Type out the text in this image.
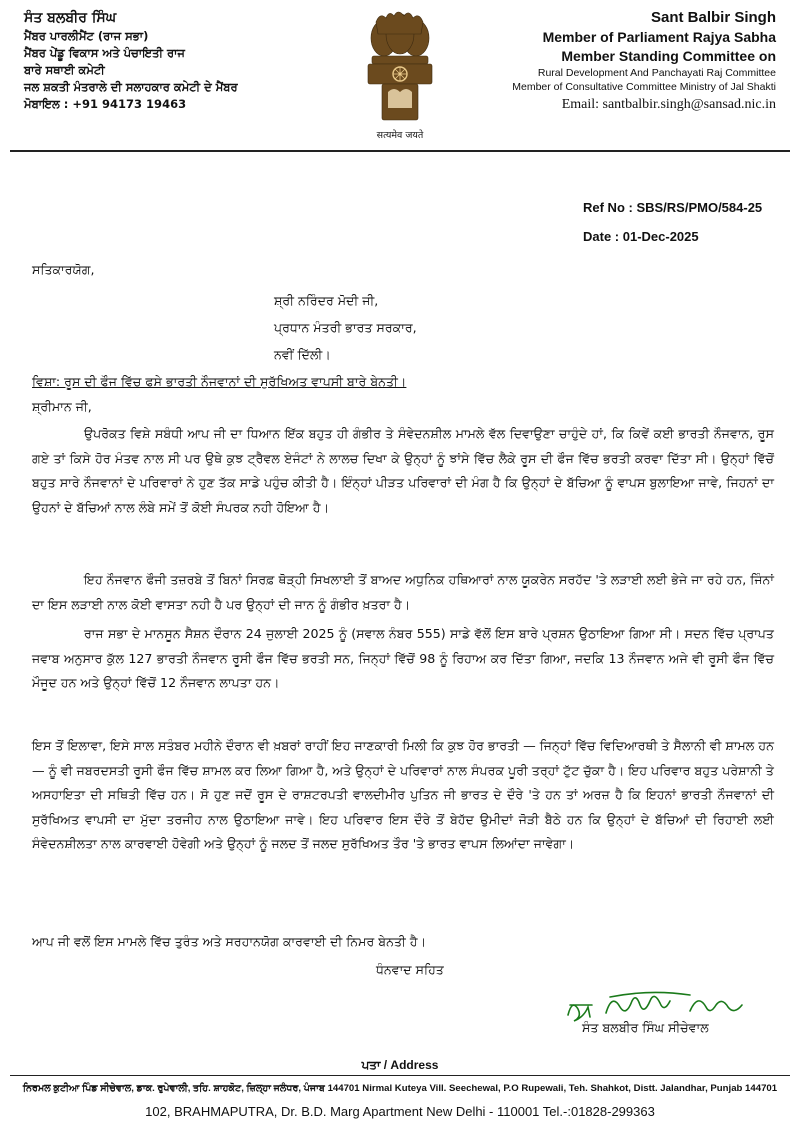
ਸੰਤ ਬਲਬੀਰ ਸਿੰਘ
ਮੈਂਬਰ ਪਾਰਲੀਮੈਂਟ (ਰਾਜ ਸਭਾ)
ਮੈਂਬਰ ਪੇਂਡੂ ਵਿਕਾਸ ਅਤੇ ਪੰਚਾਇਤੀ ਰਾਜ
ਬਾਰੇ ਸਥਾਈ ਕਮੇਟੀ
ਜਲ ਸ਼ਕਤੀ ਮੰਤਰਾਲੇ ਦੀ ਸਲਾਹਕਾਰ ਕਮੇਟੀ ਦੇ ਮੈਂਬਰ
ਮੋਬਾਇਲ : +91 94173 19463
सत्यमेव जयते
Sant Balbir Singh
Member of Parliament Rajya Sabha
Member Standing Committee on
Rural Development And Panchayati Raj Committee
Member of Consultative Committee Ministry of Jal Shakti
Email: santbalbir.singh@sansad.nic.in
Ref No : SBS/RS/PMO/584-25
Date : 01-Dec-2025
ਸਤਿਕਾਰਯੋਗ,
ਸ਼੍ਰੀ ਨਰਿੰਦਰ ਮੋਦੀ ਜੀ,
ਪ੍ਰਧਾਨ ਮੰਤਰੀ ਭਾਰਤ ਸਰਕਾਰ,
ਨਵੀਂ ਦਿੱਲੀ।
ਵਿਸ਼ਾ: ਰੂਸ ਦੀ ਫੌਜ ਵਿੱਚ ਫਸੇ ਭਾਰਤੀ ਨੌਜਵਾਨਾਂ ਦੀ ਸੁਰੱਖਿਅਤ ਵਾਪਸੀ ਬਾਰੇ ਬੇਨਤੀ।
ਸ਼੍ਰੀਮਾਨ ਜੀ,
ਉਪਰੋਕਤ ਵਿਸ਼ੇ ਸਬੰਧੀ ਆਪ ਜੀ ਦਾ ਧਿਆਨ ਇੱਕ ਬਹੁਤ ਹੀ ਗੰਭੀਰ ਤੇ ਸੰਵੇਦਨਸ਼ੀਲ ਮਾਮਲੇ ਵੱਲ ਦਿਵਾਉਣਾ ਚਾਹੁੰਦੇ ਹਾਂ, ਕਿ ਕਿਵੇਂ ਕਈ ਭਾਰਤੀ ਨੌਜਵਾਨ, ਰੂਸ ਗਏ ਤਾਂ ਕਿਸੇ ਹੋਰ ਮੰਤਵ ਨਾਲ ਸੀ ਪਰ ਉਥੇ ਕੁਝ ਟ੍ਰੈਵਲ ਏਜੰਟਾਂ ਨੇ ਲਾਲਚ ਦਿਖਾ ਕੇ ਉਨ੍ਹਾਂ ਨੂੰ ਝਾਂਸੇ ਵਿੱਚ ਲੈਕੇ ਰੂਸ ਦੀ ਫੌਜ ਵਿੱਚ ਭਰਤੀ ਕਰਵਾ ਦਿੱਤਾ ਸੀ। ਉਨ੍ਹਾਂ ਵਿੱਚੋਂ ਬਹੁਤ ਸਾਰੇ ਨੌਜਵਾਨਾਂ ਦੇ ਪਰਿਵਾਰਾਂ ਨੇ ਹੁਣ ਤੱਕ ਸਾਡੇ ਪਹੁੰਚ ਕੀਤੀ ਹੈ। ਇੰਨ੍ਹਾਂ ਪੀੜਤ ਪਰਿਵਾਰਾਂ ਦੀ ਮੰਗ ਹੈ ਕਿ ਉਨ੍ਹਾਂ ਦੇ ਬੱਚਿਆ ਨੂੰ ਵਾਪਸ ਬੁਲਾਇਆ ਜਾਵੇ, ਜਿਹਨਾਂ ਦਾ ਉਹਨਾਂ ਦੇ ਬੱਚਿਆਂ ਨਾਲ ਲੰਬੇ ਸਮੇਂ ਤੋਂ ਕੋਈ ਸੰਪਰਕ ਨਹੀ ਹੋਇਆ ਹੈ।
ਇਹ ਨੌਜਵਾਨ ਫੌਜੀ ਤਜ਼ਰਬੇ ਤੋਂ ਬਿਨਾਂ ਸਿਰਫ਼ ਥੋੜ੍ਹੀ ਸਿਖਲਾਈ ਤੋਂ ਬਾਅਦ ਅਧੁਨਿਕ ਹਥਿਆਰਾਂ ਨਾਲ ਯੂਕਰੇਨ ਸਰਹੱਦ 'ਤੇ ਲੜਾਈ ਲਈ ਭੇਜੇ ਜਾ ਰਹੇ ਹਨ, ਜਿੰਨਾਂ ਦਾ ਇਸ ਲੜਾਈ ਨਾਲ ਕੋਈ ਵਾਸਤਾ ਨਹੀ ਹੈ ਪਰ ਉਨ੍ਹਾਂ ਦੀ ਜਾਨ ਨੂੰ ਗੰਭੀਰ ਖ਼ਤਰਾ ਹੈ।
ਰਾਜ ਸਭਾ ਦੇ ਮਾਨਸੂਨ ਸੈਸ਼ਨ ਦੌਰਾਨ 24 ਜੁਲਾਈ 2025 ਨੂੰ (ਸਵਾਲ ਨੰਬਰ 555) ਸਾਡੇ ਵੱਲੋਂ ਇਸ ਬਾਰੇ ਪ੍ਰਸ਼ਨ ਉਠਾਇਆ ਗਿਆ ਸੀ। ਸਦਨ ਵਿੱਚ ਪ੍ਰਾਪਤ ਜਵਾਬ ਅਨੁਸਾਰ ਕੁੱਲ 127 ਭਾਰਤੀ ਨੌਜਵਾਨ ਰੂਸੀ ਫੌਜ ਵਿੱਚ ਭਰਤੀ ਸਨ, ਜਿਨ੍ਹਾਂ ਵਿੱਚੋਂ 98 ਨੂੰ ਰਿਹਾਅ ਕਰ ਦਿੱਤਾ ਗਿਆ, ਜਦਕਿ 13 ਨੌਜਵਾਨ ਅਜੇ ਵੀ ਰੂਸੀ ਫੌਜ ਵਿੱਚ ਮੌਜੂਦ ਹਨ ਅਤੇ ਉਨ੍ਹਾਂ ਵਿੱਚੋਂ 12 ਨੌਜਵਾਨ ਲਾਪਤਾ ਹਨ।
ਇਸ ਤੋਂ ਇਲਾਵਾ, ਇਸੇ ਸਾਲ ਸਤੰਬਰ ਮਹੀਨੇ ਦੌਰਾਨ ਵੀ ਖ਼ਬਰਾਂ ਰਾਹੀਂ ਇਹ ਜਾਣਕਾਰੀ ਮਿਲੀ ਕਿ ਕੁਝ ਹੋਰ ਭਾਰਤੀ — ਜਿਨ੍ਹਾਂ ਵਿੱਚ ਵਿਦਿਆਰਥੀ ਤੇ ਸੈਲਾਨੀ ਵੀ ਸ਼ਾਮਲ ਹਨ — ਨੂੰ ਵੀ ਜਬਰਦਸਤੀ ਰੂਸੀ ਫੌਜ ਵਿੱਚ ਸ਼ਾਮਲ ਕਰ ਲਿਆ ਗਿਆ ਹੈ, ਅਤੇ ਉਨ੍ਹਾਂ ਦੇ ਪਰਿਵਾਰਾਂ ਨਾਲ ਸੰਪਰਕ ਪੂਰੀ ਤਰ੍ਹਾਂ ਟੁੱਟ ਚੁੱਕਾ ਹੈ। ਇਹ ਪਰਿਵਾਰ ਬਹੁਤ ਪਰੇਸ਼ਾਨੀ ਤੇ ਅਸਹਾਇਤਾ ਦੀ ਸਥਿਤੀ ਵਿੱਚ ਹਨ। ਸੋ ਹੁਣ ਜਦੋਂ ਰੂਸ ਦੇ ਰਾਸ਼ਟਰਪਤੀ ਵਾਲਦੀਮੀਰ ਪੁਤਿਨ ਜੀ ਭਾਰਤ ਦੇ ਦੌਰੇ 'ਤੇ ਹਨ ਤਾਂ ਅਰਜ਼ ਹੈ ਕਿ ਇਹਨਾਂ ਭਾਰਤੀ ਨੌਜਵਾਨਾਂ ਦੀ ਸੁਰੱਖਿਅਤ ਵਾਪਸੀ ਦਾ ਮੁੱਦਾ ਤਰਜੀਹ ਨਾਲ ਉਠਾਇਆ ਜਾਵੇ। ਇਹ ਪਰਿਵਾਰ ਇਸ ਦੌਰੇ ਤੋਂ ਬੇਹੱਦ ਉਮੀਦਾਂ ਜੋੜੀ ਬੈਠੇ ਹਨ ਕਿ ਉਨ੍ਹਾਂ ਦੇ ਬੱਚਿਆਂ ਦੀ ਰਿਹਾਈ ਲਈ ਸੰਵੇਦਨਸ਼ੀਲਤਾ ਨਾਲ ਕਾਰਵਾਈ ਹੋਵੇਗੀ ਅਤੇ ਉਨ੍ਹਾਂ ਨੂੰ ਜਲਦ ਤੋਂ ਜਲਦ ਸੁਰੱਖਿਅਤ ਤੌਰ 'ਤੇ ਭਾਰਤ ਵਾਪਸ ਲਿਆਂਦਾ ਜਾਵੇਗਾ।
ਆਪ ਜੀ ਵਲੋਂ ਇਸ ਮਾਮਲੇ ਵਿੱਚ ਤੁਰੰਤ ਅਤੇ ਸਰਹਾਨਯੋਗ ਕਾਰਵਾਈ ਦੀ ਨਿਮਰ ਬੇਨਤੀ ਹੈ।
ਧੰਨਵਾਦ ਸਹਿਤ
ਸੰਤ ਬਲਬੀਰ ਸਿੰਘ ਸੀਚੇਵਾਲ
ਪਤਾ / Address
ਨਿਰਮਲ ਕੁਟੀਆ ਪਿੰਡ ਸੀਚੇਵਾਲ, ਡਾਕ. ਰੁਪੇਵਾਲੀ, ਤਹਿ. ਸ਼ਾਹਕੋਟ, ਜ਼ਿਲ੍ਹਾ ਜਲੰਧਰ, ਪੰਜਾਬ 144701 Nirmal Kuteya Vill. Seechewal, P.O Rupewali, Teh. Shahkot, Distt. Jalandhar, Punjab 144701
102, BRAHMAPUTRA, Dr. B.D. Marg Apartment New Delhi - 110001 Tel.-:01828-299363
